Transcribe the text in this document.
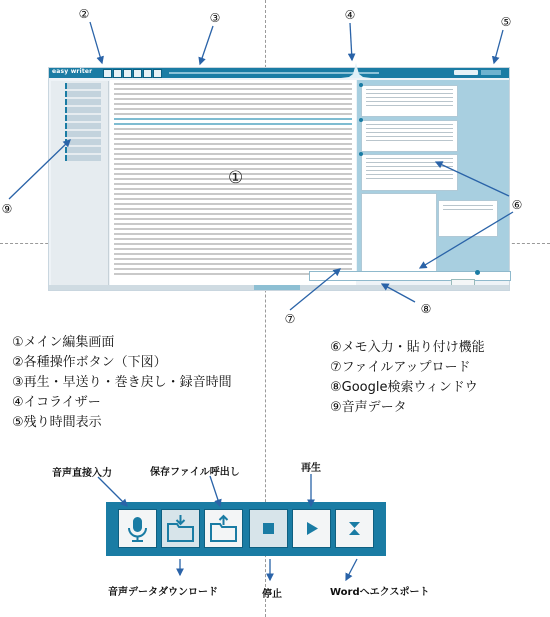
easy writer
①
②	③	④	⑤
⑨	⑥
⑦
⑧
①メイン編集画面
②各種操作ボタン（下図）
③再生・早送り・巻き戻し・録音時間
④イコライザー
⑤残り時間表示
⑥メモ入力・貼り付け機能
⑦ファイルアップロード
⑧Google検索ウィンドウ
⑨音声データ
音声直接入力	保存ファイル呼出し	再生
音声データダウンロード	停止	Wordへエクスポート
